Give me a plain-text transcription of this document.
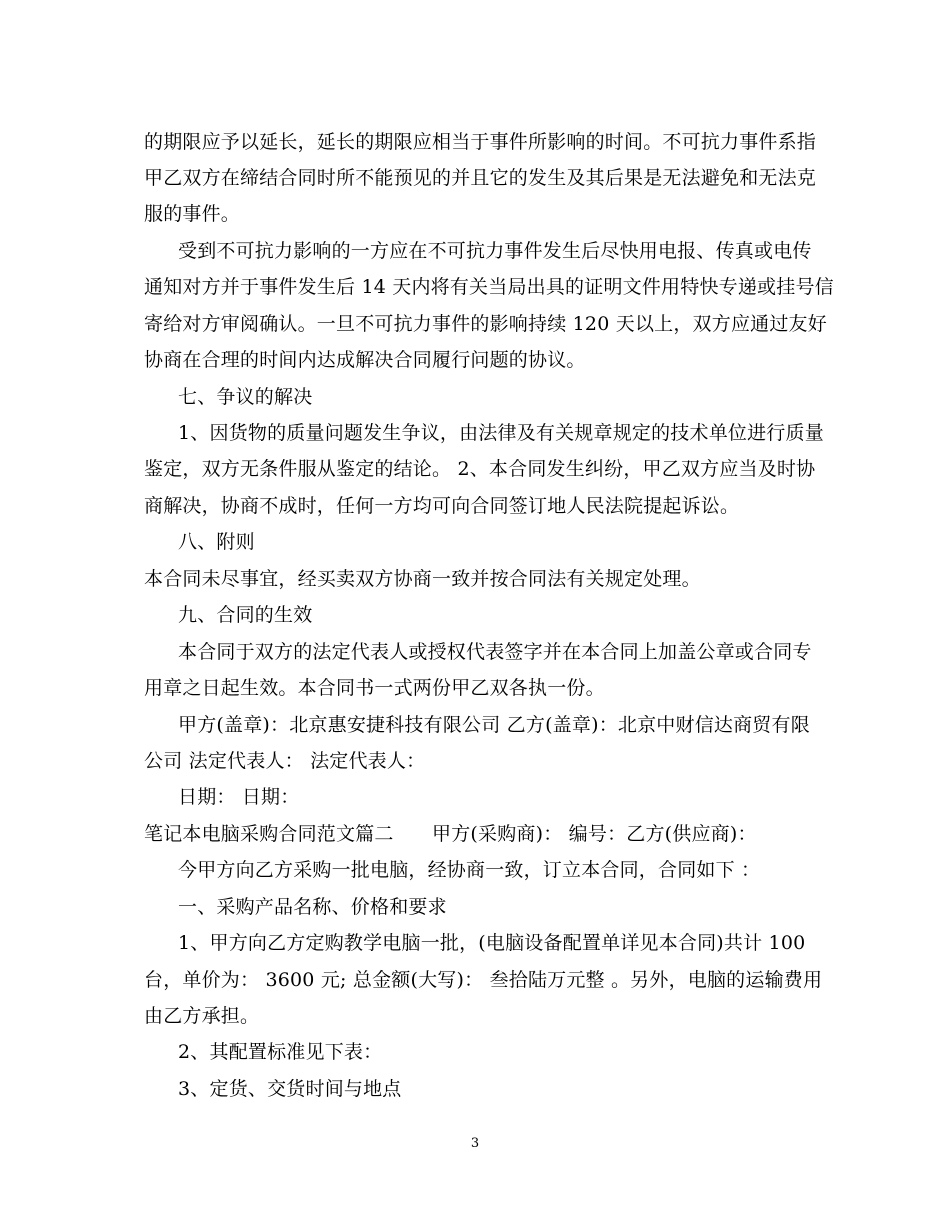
的期限应予以延长，延长的期限应相当于事件所影响的时间。不可抗力事件系指
甲乙双方在缔结合同时所不能预见的并且它的发生及其后果是无法避免和无法克
服的事件。
受到不可抗力影响的一方应在不可抗力事件发生后尽快用电报、传真或电传
通知对方并于事件发生后 14 天内将有关当局出具的证明文件用特快专递或挂号信
寄给对方审阅确认。一旦不可抗力事件的影响持续 120 天以上，双方应通过友好
协商在合理的时间内达成解决合同履行问题的协议。
七、争议的解决
1、因货物的质量问题发生争议，由法律及有关规章规定的技术单位进行质量
鉴定，双方无条件服从鉴定的结论。 2、本合同发生纠纷，甲乙双方应当及时协
商解决，协商不成时，任何一方均可向合同签订地人民法院提起诉讼。
八、附则
本合同未尽事宜，经买卖双方协商一致并按合同法有关规定处理。
九、合同的生效
本合同于双方的法定代表人或授权代表签字并在本合同上加盖公章或合同专
用章之日起生效。本合同书一式两份甲乙双各执一份。
甲方(盖章)：北京惠安捷科技有限公司 乙方(盖章)：北京中财信达商贸有限
公司 法定代表人： 法定代表人：
日期： 日期：
笔记本电脑采购合同范文篇二　　甲方(采购商)： 编号：乙方(供应商)：
今甲方向乙方采购一批电脑，经协商一致，订立本合同，合同如下 ：
一、采购产品名称、价格和要求
1、甲方向乙方定购教学电脑一批，(电脑设备配置单详见本合同)共计 100
台，单价为： 3600 元; 总金额(大写)： 叁拾陆万元整 。另外，电脑的运输费用
由乙方承担。
2、其配置标准见下表：
3、定货、交货时间与地点
3
